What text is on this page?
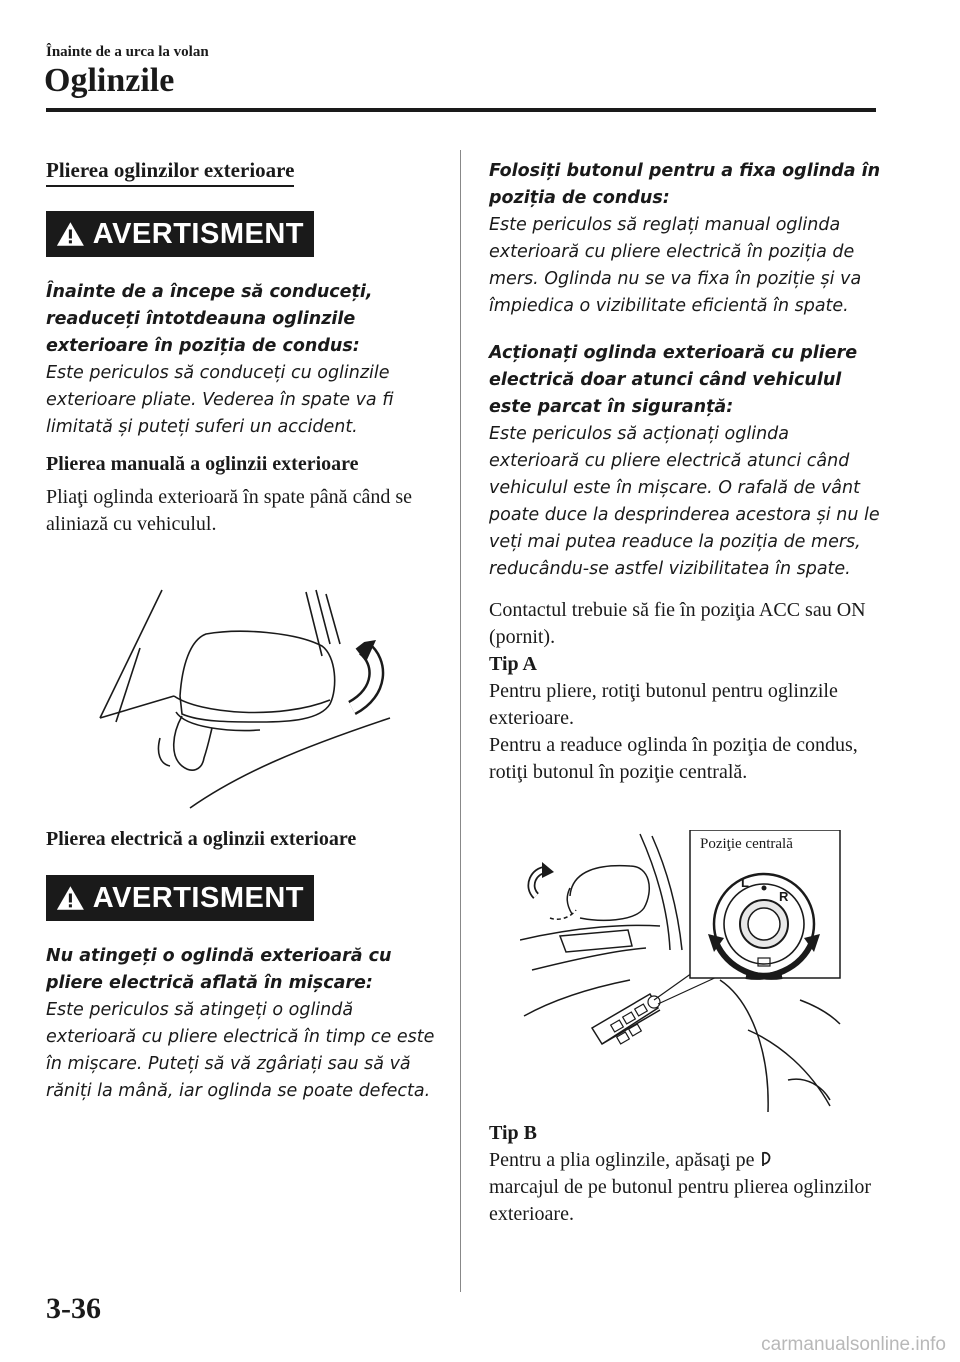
Înainte de a urca la volan
Oglinzile
Plierea oglinzilor exterioare
AVERTISMENT

Înainte de a începe să conduceți, readuceți întotdeauna oglinzile exterioare în poziția de condus:

Este periculos să conduceți cu oglinzile exterioare pliate. Vederea în spate va fi limitată și puteți suferi un accident.

Plierea manuală a oglinzii exterioare

Pliaţi oglinda exterioară în spate până când se aliniază cu vehiculul.

Plierea electrică a oglinzii exterioare

AVERTISMENT

Nu atingeți o oglindă exterioară cu pliere electrică aflată în mișcare:

Este periculos să atingeți o oglindă exterioară cu pliere electrică în timp ce este în mișcare. Puteți să vă zgâriați sau să vă răniți la mână, iar oglinda se poate defecta.

Folosiți butonul pentru a fixa oglinda în poziția de condus:

Este periculos să reglați manual oglinda exterioară cu pliere electrică în poziția de mers. Oglinda nu se va fixa în poziție și va împiedica o vizibilitate eficientă în spate.

Acționați oglinda exterioară cu pliere electrică doar atunci când vehiculul este parcat în siguranță:

Este periculos să acționați oglinda exterioară cu pliere electrică atunci când vehiculul este în mișcare. O rafală de vânt poate duce la desprinderea acestora și nu le veți mai putea readuce la poziția de mers, reducându-se astfel vizibilitatea în spate.

Contactul trebuie să fie în poziţia ACC sau ON (pornit).

Tip A

Pentru pliere, rotiţi butonul pentru oglinzile exterioare.

Pentru a readuce oglinda în poziţia de condus, rotiţi butonul în poziţie centrală.

Poziţie centrală
L
R

Tip B

Pentru a plia oglinzile, apăsaţi pe

marcajul de pe butonul pentru plierea oglinzilor exterioare.

3-36
carmanualsonline.info
